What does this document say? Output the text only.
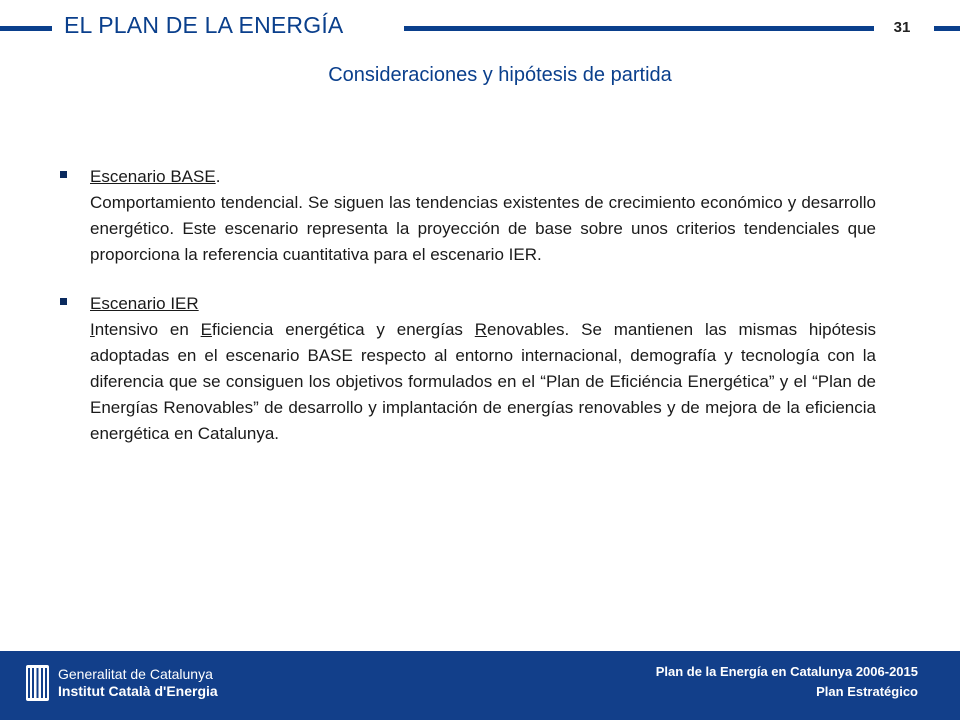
EL PLAN DE LA ENERGÍA	31
Consideraciones y hipótesis de partida
Escenario BASE.
Comportamiento tendencial. Se siguen las tendencias existentes de crecimiento económico y desarrollo energético. Este escenario representa la proyección de base sobre unos criterios tendenciales que proporciona la referencia cuantitativa para el escenario IER.
Escenario IER
Intensivo en Eficiencia energética y energías Renovables. Se mantienen las mismas hipótesis adoptadas en el escenario BASE respecto al entorno internacional, demografía y tecnología con la diferencia que se consiguen los objetivos formulados en el “Plan de Eficiéncia Energética” y el “Plan de Energías Renovables” de desarrollo y implantación de energías renovables y de mejora de la eficiencia energética en Catalunya.
Generalitat de Catalunya
Institut Català d'Energia
Plan de la Energía en Catalunya 2006-2015
Plan Estratégico
